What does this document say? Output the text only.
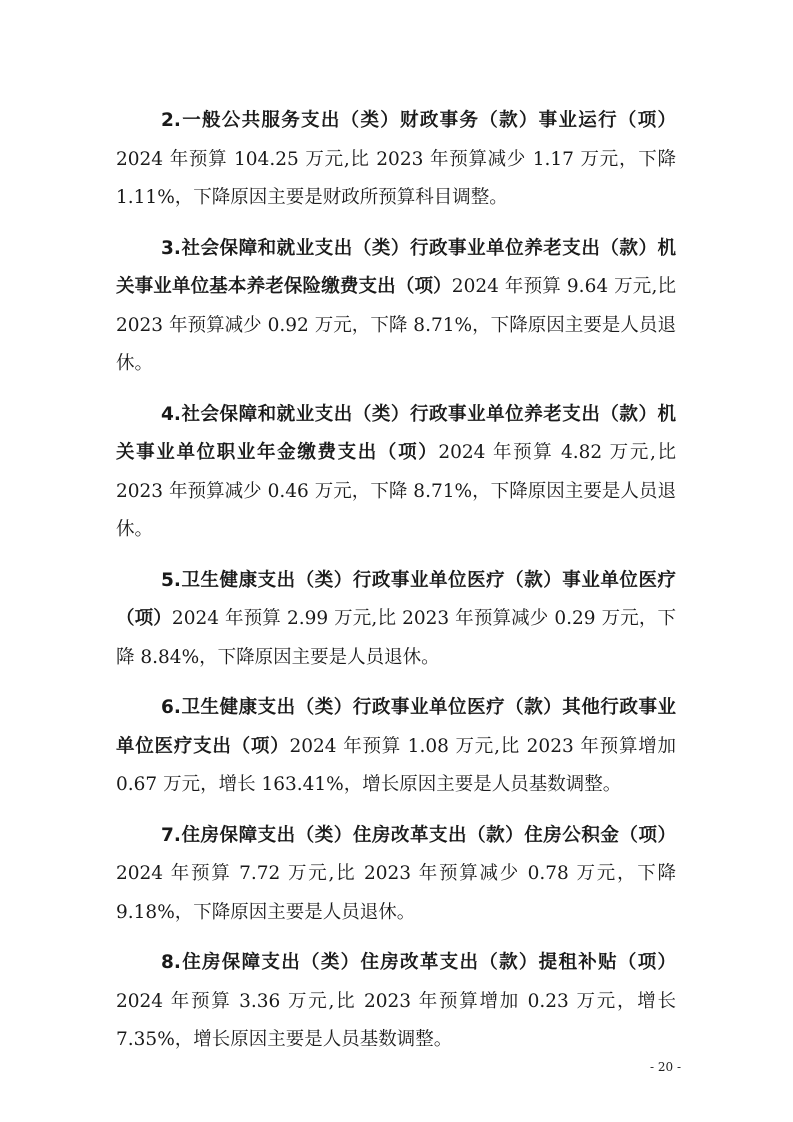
2.一般公共服务支出（类）财政事务（款）事业运行（项）2024 年预算 104.25 万元,比 2023 年预算减少 1.17 万元，下降 1.11%，下降原因主要是财政所预算科目调整。

3.社会保障和就业支出（类）行政事业单位养老支出（款）机关事业单位基本养老保险缴费支出（项）2024 年预算 9.64 万元,比 2023 年预算减少 0.92 万元，下降 8.71%，下降原因主要是人员退休。

4.社会保障和就业支出（类）行政事业单位养老支出（款）机关事业单位职业年金缴费支出（项）2024 年预算 4.82 万元,比 2023 年预算减少 0.46 万元，下降 8.71%，下降原因主要是人员退休。

5.卫生健康支出（类）行政事业单位医疗（款）事业单位医疗（项）2024 年预算 2.99 万元,比 2023 年预算减少 0.29 万元，下降 8.84%，下降原因主要是人员退休。

6.卫生健康支出（类）行政事业单位医疗（款）其他行政事业单位医疗支出（项）2024 年预算 1.08 万元,比 2023 年预算增加 0.67 万元，增长 163.41%，增长原因主要是人员基数调整。

7.住房保障支出（类）住房改革支出（款）住房公积金（项）2024 年预算 7.72 万元,比 2023 年预算减少 0.78 万元，下降 9.18%，下降原因主要是人员退休。

8.住房保障支出（类）住房改革支出（款）提租补贴（项）2024 年预算 3.36 万元,比 2023 年预算增加 0.23 万元，增长 7.35%，增长原因主要是人员基数调整。

- 20 -
